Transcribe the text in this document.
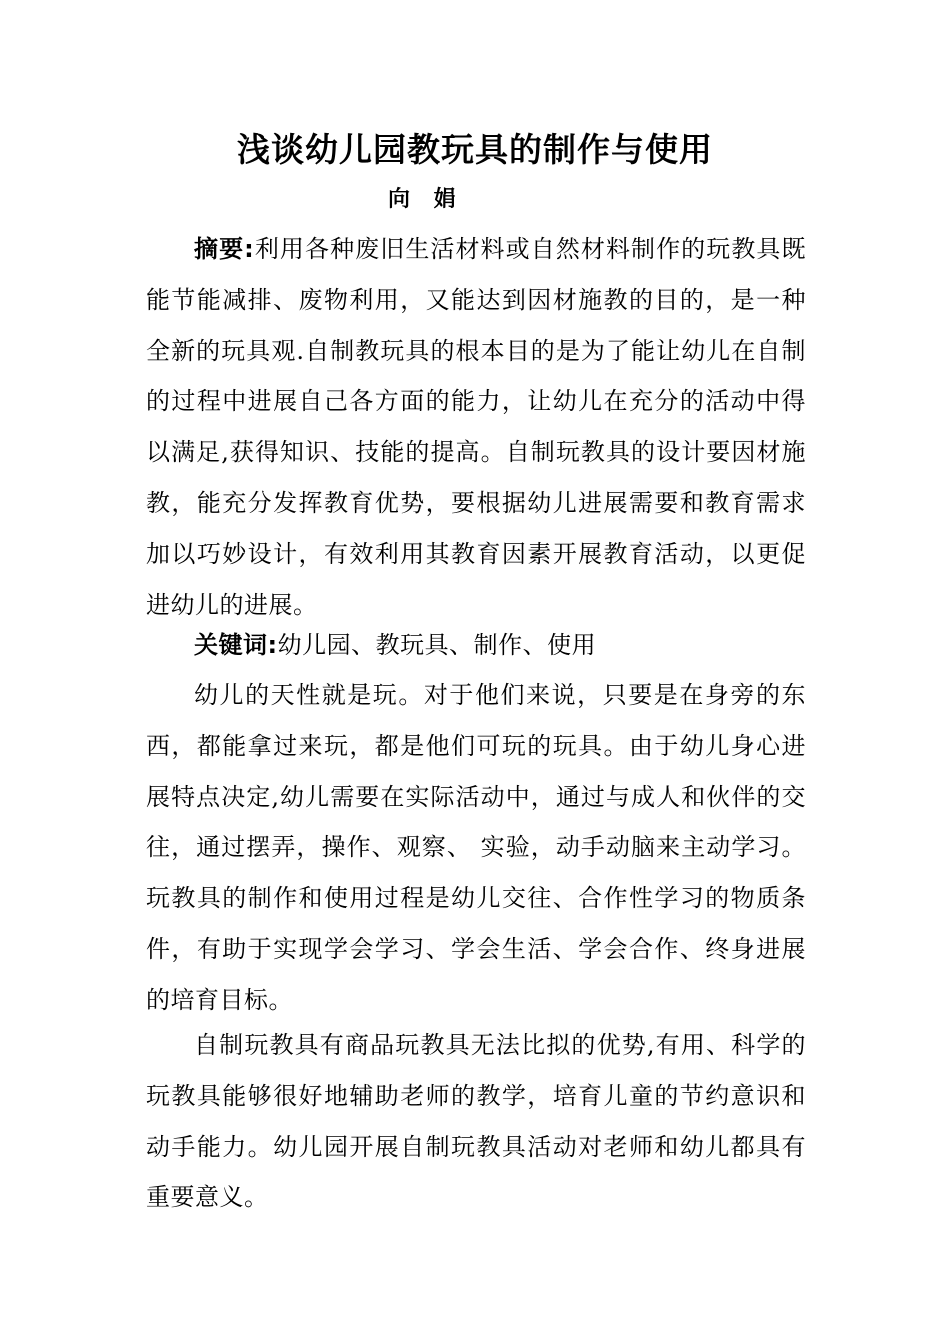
浅谈幼儿园教玩具的制作与使用

向 娟

摘要:利用各种废旧生活材料或自然材料制作的玩教具既能节能减排、废物利用，又能达到因材施教的目的，是一种全新的玩具观.自制教玩具的根本目的是为了能让幼儿在自制的过程中进展自己各方面的能力，让幼儿在充分的活动中得以满足,获得知识、技能的提高。自制玩教具的设计要因材施教，能充分发挥教育优势，要根据幼儿进展需要和教育需求加以巧妙设计，有效利用其教育因素开展教育活动，以更促进幼儿的进展。

关键词:幼儿园、教玩具、制作、使用

幼儿的天性就是玩。对于他们来说，只要是在身旁的东西，都能拿过来玩，都是他们可玩的玩具。由于幼儿身心进展特点决定,幼儿需要在实际活动中，通过与成人和伙伴的交往，通过摆弄，操作、观察、 实验，动手动脑来主动学习。玩教具的制作和使用过程是幼儿交往、合作性学习的物质条件，有助于实现学会学习、学会生活、学会合作、终身进展的培育目标。

自制玩教具有商品玩教具无法比拟的优势,有用、科学的玩教具能够很好地辅助老师的教学，培育儿童的节约意识和动手能力。幼儿园开展自制玩教具活动对老师和幼儿都具有重要意义。
